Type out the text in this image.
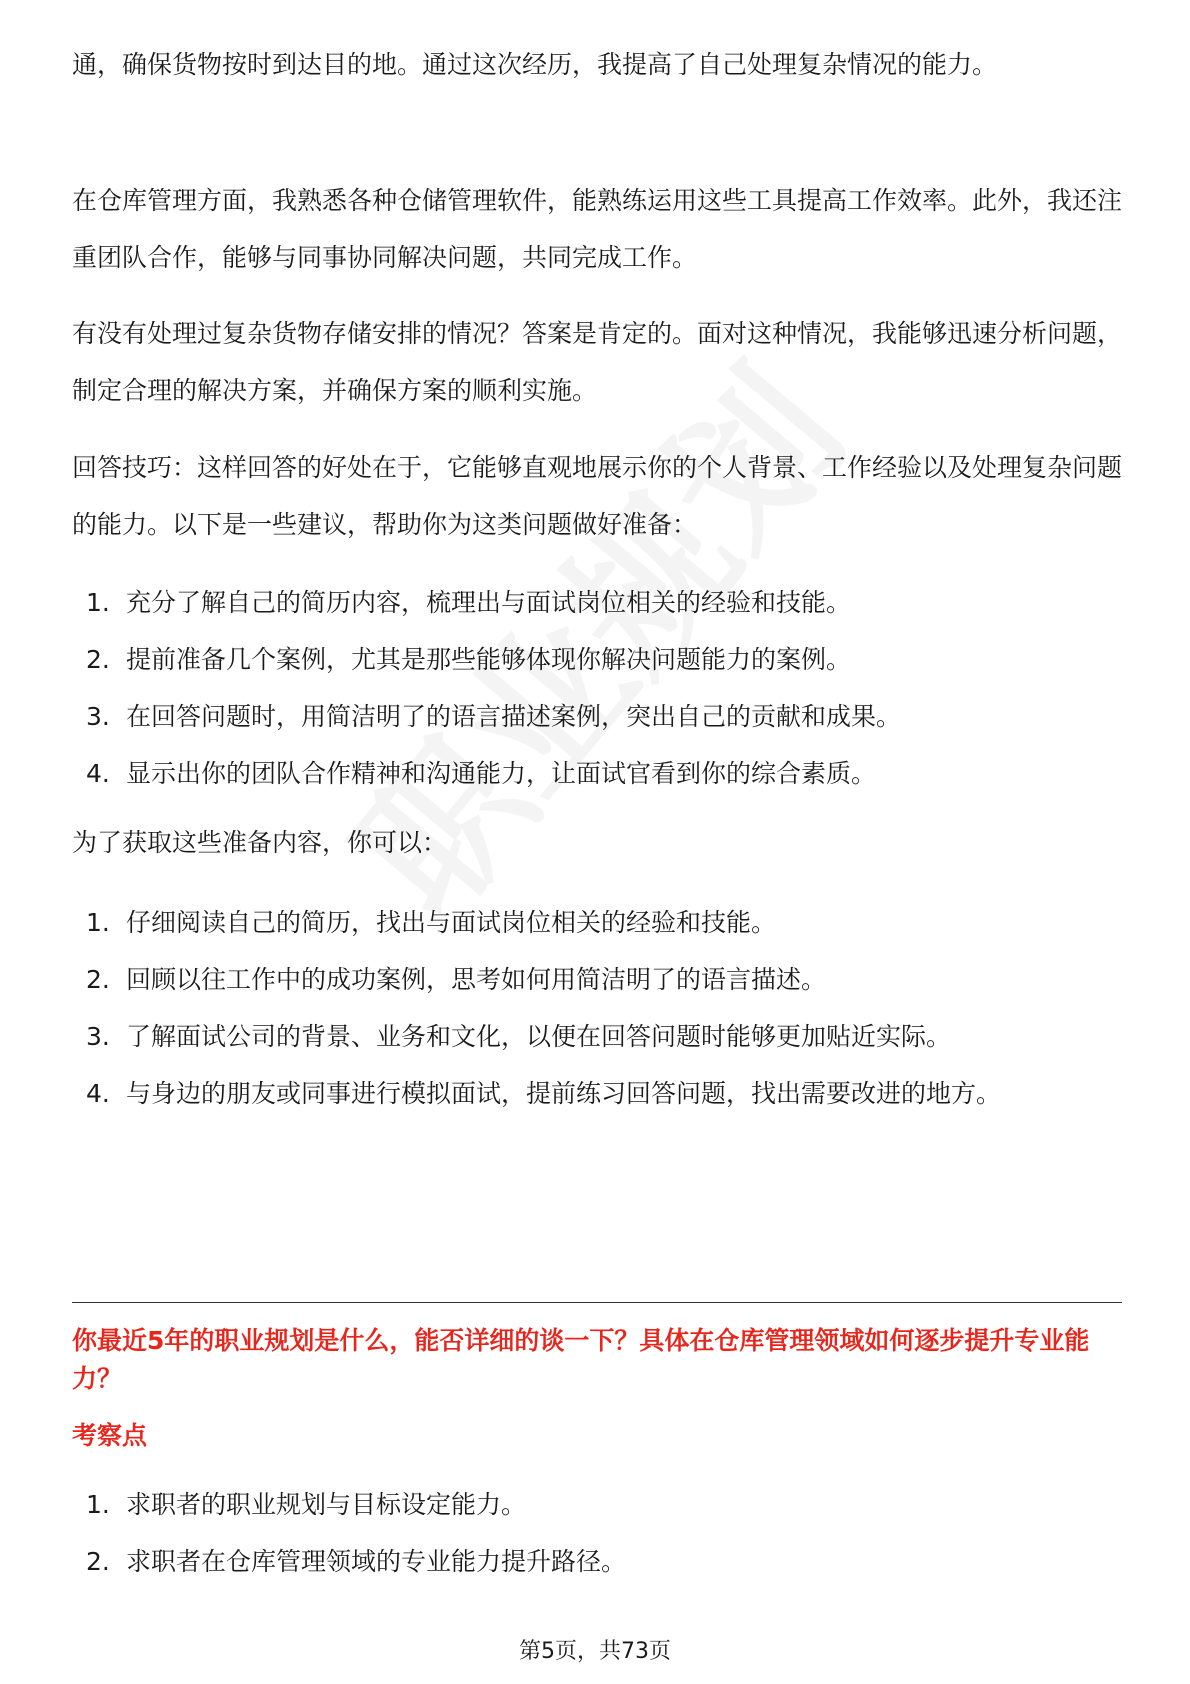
通，确保货物按时到达目的地。通过这次经历，我提高了自己处理复杂情况的能力。

在仓库管理方面，我熟悉各种仓储管理软件，能熟练运用这些工具提高工作效率。此外，我还注重团队合作，能够与同事协同解决问题，共同完成工作。

有没有处理过复杂货物存储安排的情况？答案是肯定的。面对这种情况，我能够迅速分析问题，制定合理的解决方案，并确保方案的顺利实施。

回答技巧：这样回答的好处在于，它能够直观地展示你的个人背景、工作经验以及处理复杂问题的能力。以下是一些建议，帮助你为这类问题做好准备：

1. 充分了解自己的简历内容，梳理出与面试岗位相关的经验和技能。
2. 提前准备几个案例，尤其是那些能够体现你解决问题能力的案例。
3. 在回答问题时，用简洁明了的语言描述案例，突出自己的贡献和成果。
4. 显示出你的团队合作精神和沟通能力，让面试官看到你的综合素质。

为了获取这些准备内容，你可以：

1. 仔细阅读自己的简历，找出与面试岗位相关的经验和技能。
2. 回顾以往工作中的成功案例，思考如何用简洁明了的语言描述。
3. 了解面试公司的背景、业务和文化，以便在回答问题时能够更加贴近实际。
4. 与身边的朋友或同事进行模拟面试，提前练习回答问题，找出需要改进的地方。

你最近5年的职业规划是什么，能否详细的谈一下？具体在仓库管理领域如何逐步提升专业能力？

考察点

1. 求职者的职业规划与目标设定能力。
2. 求职者在仓库管理领域的专业能力提升路径。
第5页，共73页
